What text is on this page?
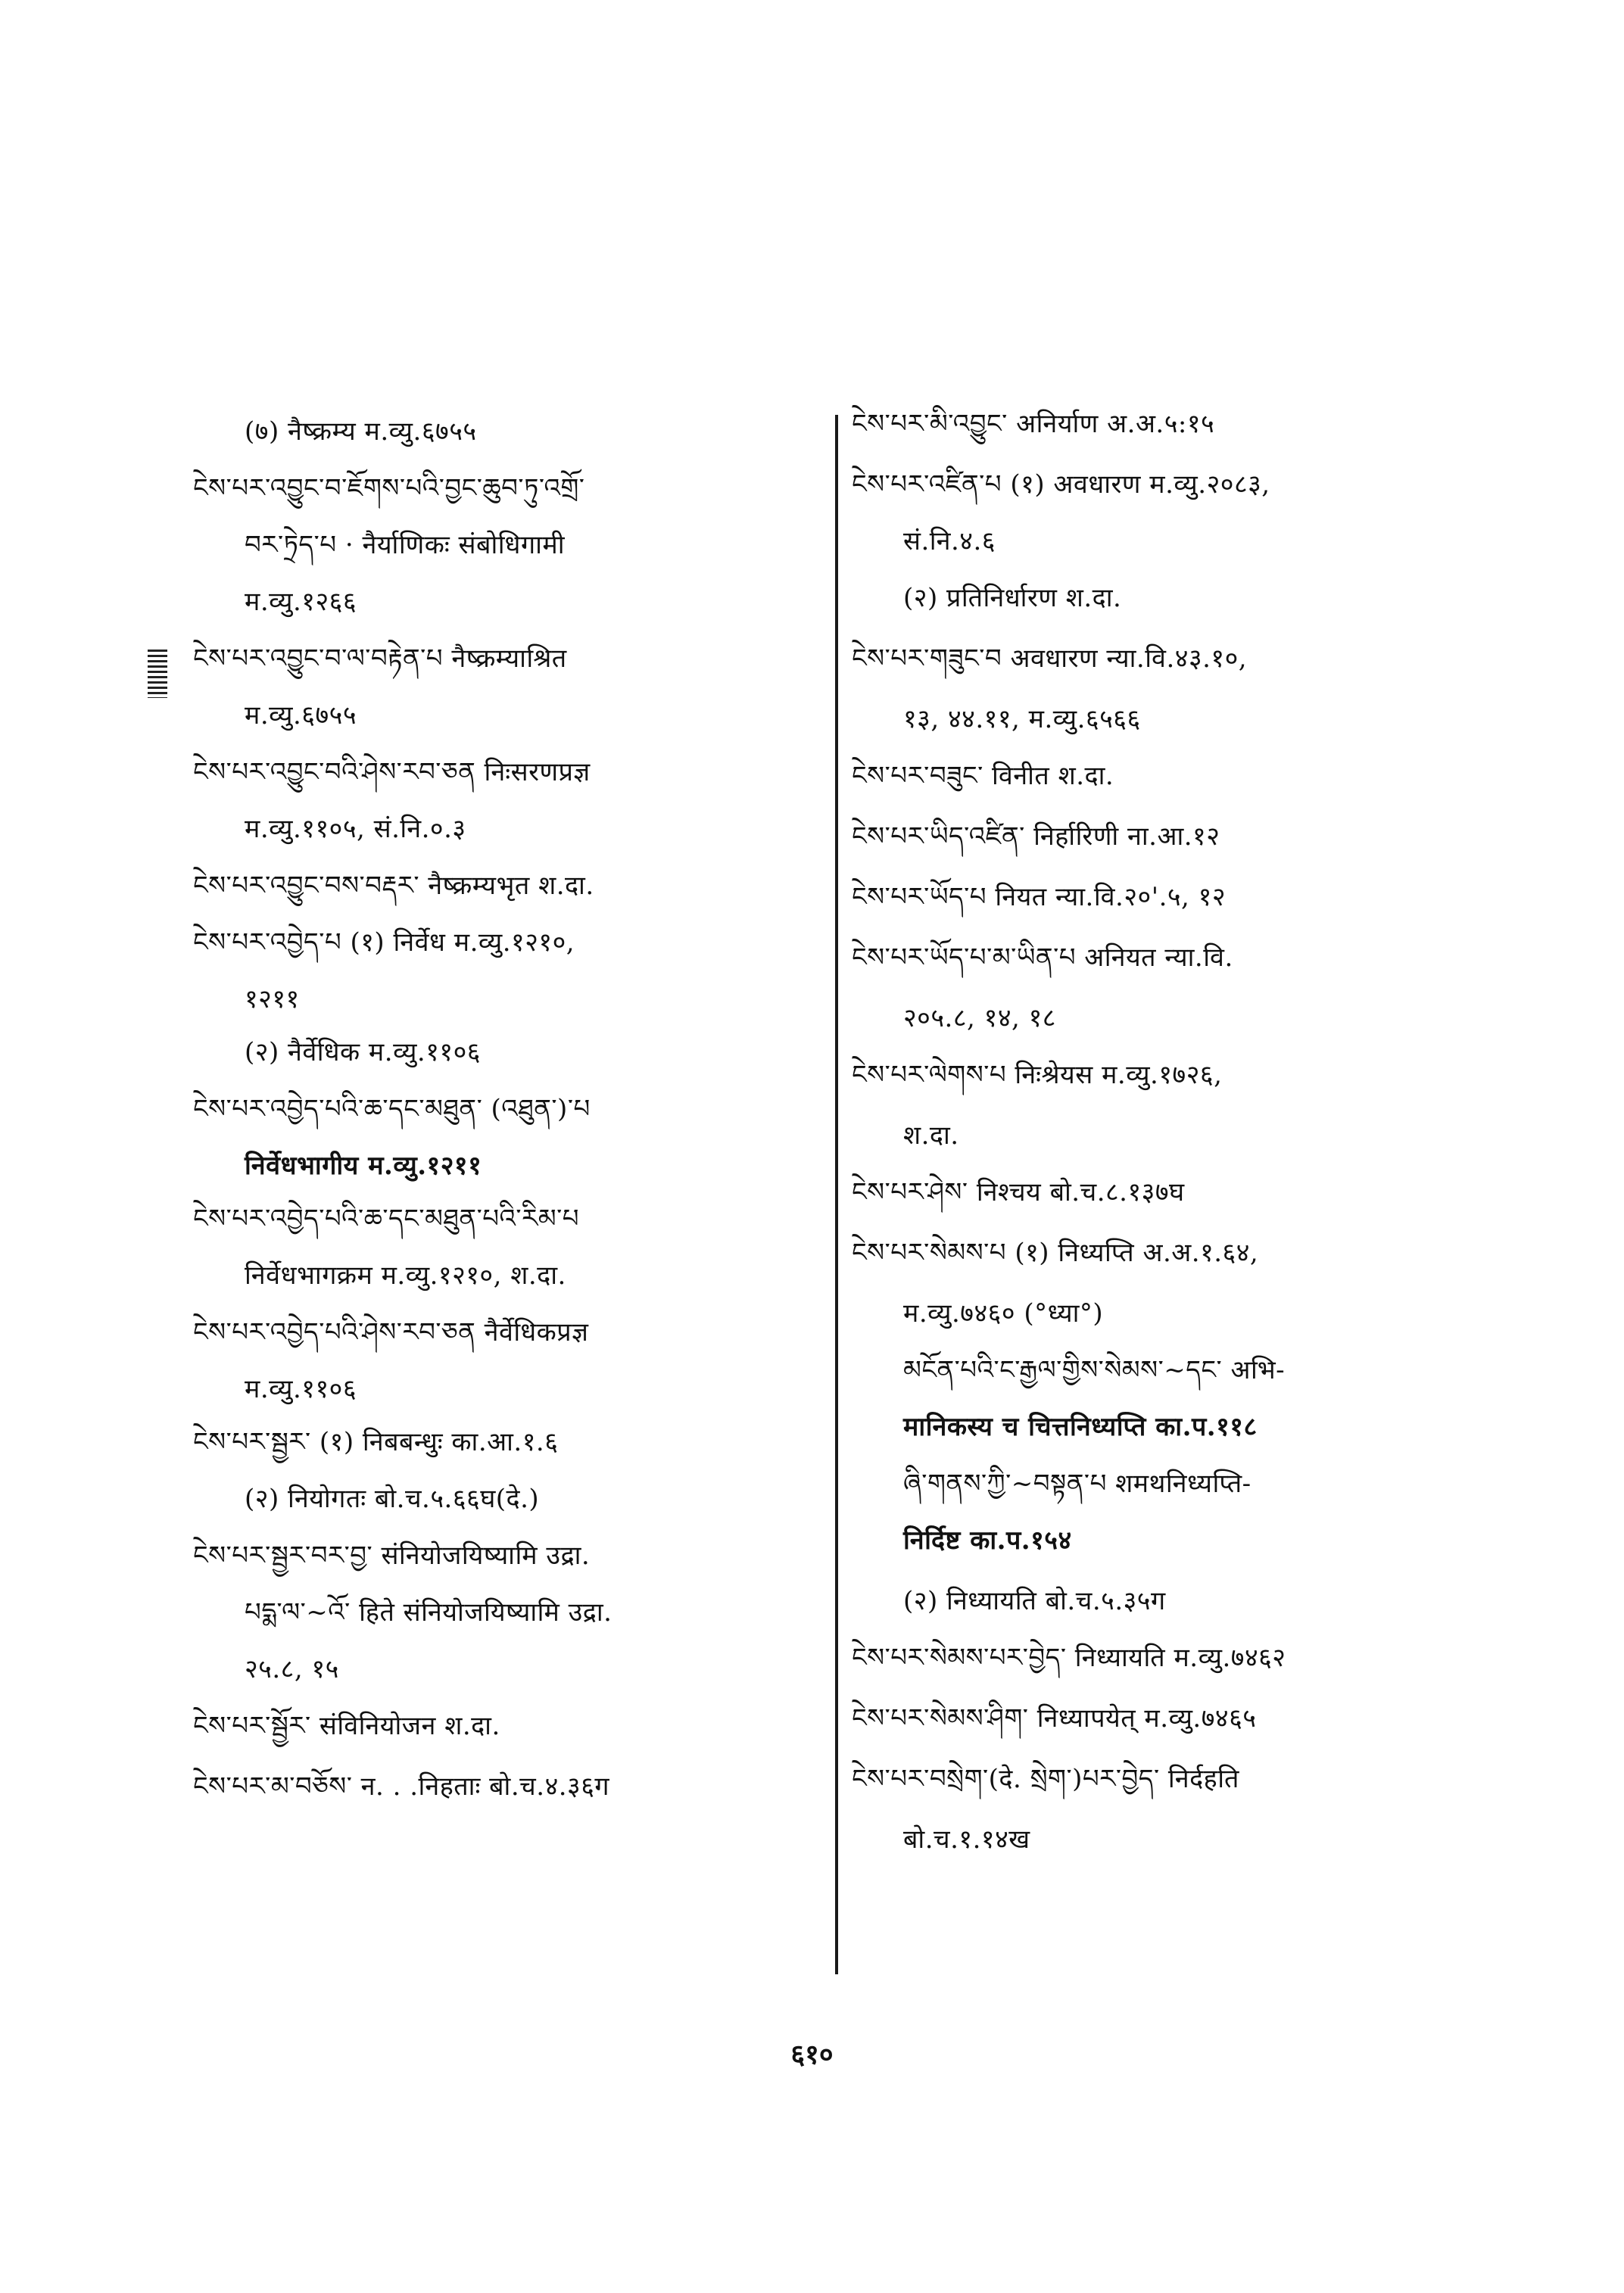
(७) नैष्क्रम्य म.व्यु.६७५५
ངེས་པར་འབྱུང་བ་ཇོགས་པའི་བྱང་ཆུབ་ཏུ་འགྲོ་
བར་ཏྲེད་པ · नैर्याणिकः संबोधिगामी
म.व्यु.१२६६
ངེས་པར་འབྱུང་བ་ལ་བརྟེན་པ नैष्क्रम्याश्रित
म.व्यु.६७५५
ངེས་པར་འབྱུང་བའི་ཤེས་རབ་ཅན निःसरणप्रज्ञ
म.व्यु.११०५, सं.नि.०.३
ངེས་པར་འབྱུང་བས་བརྡར་ नैष्क्रम्यभृत श.दा.
ངེས་པར་འབྱེད་པ (१) निर्वेध म.व्यु.१२१०,
१२११
(२) नैर्वेधिक म.व्यु.११०६
ངེས་པར་འབྱེད་པའི་ཆ་དང་མཐུན་ (འཐུན་)་པ
निर्वेधभागीय म.व्यु.१२११
ངེས་པར་འབྱེད་པའི་ཆ་དང་མཐུན་པའི་རིམ་པ
निर्वेधभागक्रम म.व्यु.१२१०, श.दा.
ངེས་པར་འབྱེད་པའི་ཤེས་རབ་ཅན नैर्वेधिकप्रज्ञ
म.व्यु.११०६
ངེས་པར་སྦྱར་ (१) निबबन्धुः का.आ.१.६
(२) नियोगतः बो.च.५.६६घ(दे.)
ངེས་པར་སྦྱར་བར་བྱ་ संनियोजयिष्यामि उद्रा.
པདྨ་ལ་~འོ་ हिते संनियोजयिष्यामि उद्रा.
२५.८, १५
ངེས་པར་སྦྱོར་ संविनियोजन श.दा.
ངེས་པར་མ་བཅོས་ न. . .निहताः बो.च.४.३६ग
ངེས་པར་མི་འབྱུང་ अनिर्याण अ.अ.५:१५
ངེས་པར་འཛིན་པ (१) अवधारण म.व्यु.२०८३,
सं.नि.४.६
(२) प्रतिनिर्धारण श.दा.
ངེས་པར་གཟུང་བ अवधारण न्या.वि.४३.१०,
१३, ४४.११, म.व्यु.६५६६
ངེས་པར་བཟུང་ विनीत श.दा.
ངེས་པར་ཡིད་འཛིན་ निर्हारिणी ना.आ.१२
ངེས་པར་ཡོད་པ नियत न्या.वि.२०'.५, १२
ངེས་པར་ཡོད་པ་མ་ཡིན་པ अनियत न्या.वि.
२०५.८, १४, १८
ངེས་པར་ལེགས་པ निःश्रेयस म.व्यु.१७२६,
श.दा.
ངེས་པར་ཤེས་ निश्चय बो.च.८.१३७घ
ངེས་པར་སེམས་པ (१) निध्यप्ति अ.अ.१.६४,
म.व्यु.७४६० (°ध्या°)
མངོན་པའི་ང་རྒྱལ་གྱིས་སེམས་~དང་ अभि-
मानिकस्य च चित्तनिध्यप्ति का.प.११८
ཞི་གནས་ཀྱི་~བསྟན་པ शमथनिध्यप्ति-
निर्दिष्ट का.प.१५४
(२) निध्यायति बो.च.५.३५ग
ངེས་པར་སེམས་པར་བྱེད་ निध्यायति म.व्यु.७४६२
ངེས་པར་སེམས་ཤིག་ निध्यापयेत् म.व्यु.७४६५
ངེས་པར་བསྲེག་(दे. སྲེག་)པར་བྱེད་ निर्दहति
बो.च.१.१४ख
६१०
